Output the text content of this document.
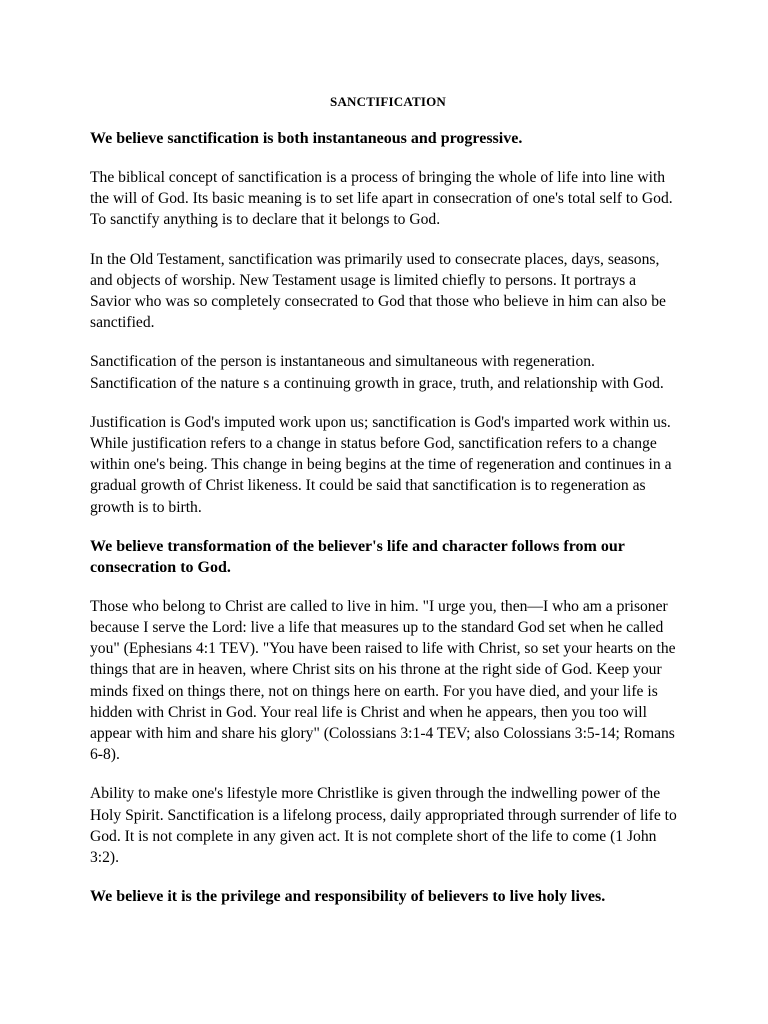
SANCTIFICATION
We believe sanctification is both instantaneous and progressive.
The biblical concept of sanctification is a process of bringing the whole of life into line with the will of God. Its basic meaning is to set life apart in consecration of one's total self to God. To sanctify anything is to declare that it belongs to God.
In the Old Testament, sanctification was primarily used to consecrate places, days, seasons, and objects of worship. New Testament usage is limited chiefly to persons. It portrays a Savior who was so completely consecrated to God that those who believe in him can also be sanctified.
Sanctification of the person is instantaneous and simultaneous with regeneration. Sanctification of the nature s a continuing growth in grace, truth, and relationship with God.
Justification is God's imputed work upon us; sanctification is God's imparted work within us. While justification refers to a change in status before God, sanctification refers to a change within one's being. This change in being begins at the time of regeneration and continues in a gradual growth of Christ likeness. It could be said that sanctification is to regeneration as growth is to birth.
We believe transformation of the believer's life and character follows from our consecration to God.
Those who belong to Christ are called to live in him. "I urge you, then—I who am a prisoner because I serve the Lord: live a life that measures up to the standard God set when he called you" (Ephesians 4:1 TEV). "You have been raised to life with Christ, so set your hearts on the things that are in heaven, where Christ sits on his throne at the right side of God. Keep your minds fixed on things there, not on things here on earth. For you have died, and your life is hidden with Christ in God. Your real life is Christ and when he appears, then you too will appear with him and share his glory" (Colossians 3:1-4 TEV; also Colossians 3:5-14; Romans 6-8).
Ability to make one's lifestyle more Christlike is given through the indwelling power of the Holy Spirit. Sanctification is a lifelong process, daily appropriated through surrender of life to God. It is not complete in any given act. It is not complete short of the life to come (1 John 3:2).
We believe it is the privilege and responsibility of believers to live holy lives.
